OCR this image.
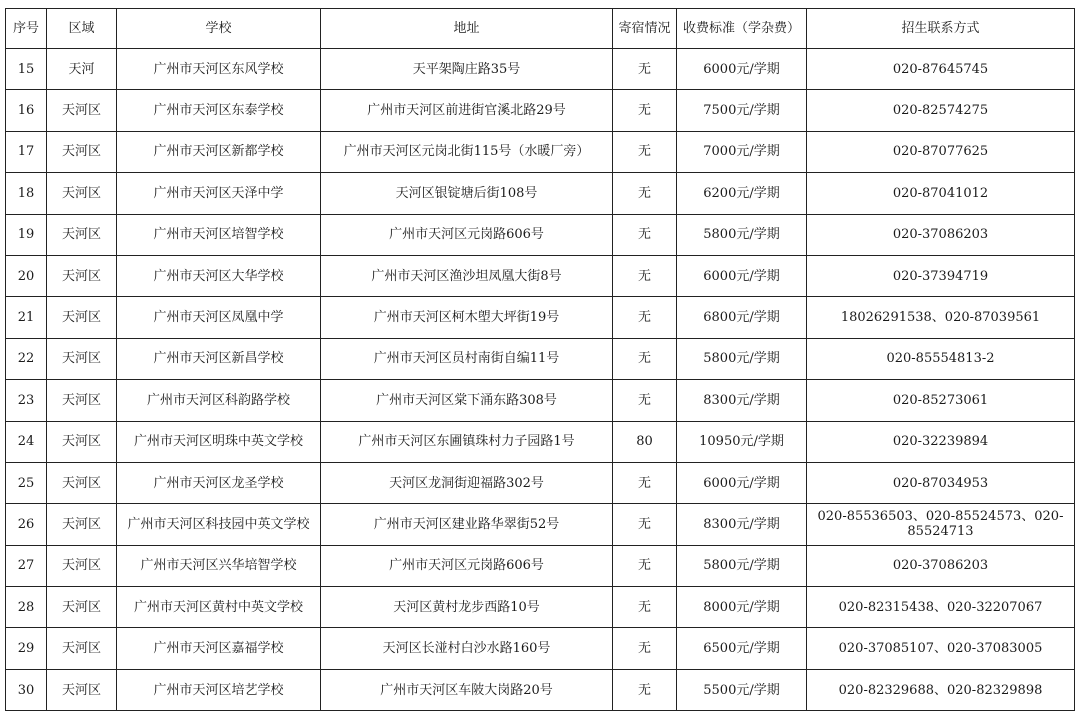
序号	区域	学校	地址	寄宿情况	收费标准（学杂费）	招生联系方式
15	天河	广州市天河区东风学校	天平架陶庄路35号	无	6000元/学期	020-87645745
16	天河区	广州市天河区东泰学校	广州市天河区前进街官溪北路29号	无	7500元/学期	020-82574275
17	天河区	广州市天河区新都学校	广州市天河区元岗北街115号（水暖厂旁）	无	7000元/学期	020-87077625
18	天河区	广州市天河区天泽中学	天河区银锭塘后街108号	无	6200元/学期	020-87041012
19	天河区	广州市天河区培智学校	广州市天河区元岗路606号	无	5800元/学期	020-37086203
20	天河区	广州市天河区大华学校	广州市天河区渔沙坦凤凰大街8号	无	6000元/学期	020-37394719
21	天河区	广州市天河区凤凰中学	广州市天河区柯木塱大坪街19号	无	6800元/学期	18026291538、020-87039561
22	天河区	广州市天河区新昌学校	广州市天河区员村南街自编11号	无	5800元/学期	020-85554813-2
23	天河区	广州市天河区科韵路学校	广州市天河区棠下涌东路308号	无	8300元/学期	020-85273061
24	天河区	广州市天河区明珠中英文学校	广州市天河区东圃镇珠村力子园路1号	80	10950元/学期	020-32239894
25	天河区	广州市天河区龙圣学校	天河区龙洞街迎福路302号	无	6000元/学期	020-87034953
26	天河区	广州市天河区科技园中英文学校	广州市天河区建业路华翠街52号	无	8300元/学期	020-85536503、020-85524573、020-85524713
27	天河区	广州市天河区兴华培智学校	广州市天河区元岗路606号	无	5800元/学期	020-37086203
28	天河区	广州市天河区黄村中英文学校	天河区黄村龙步西路10号	无	8000元/学期	020-82315438、020-32207067
29	天河区	广州市天河区嘉福学校	天河区长湴村白沙水路160号	无	6500元/学期	020-37085107、020-37083005
30	天河区	广州市天河区培艺学校	广州市天河区车陂大岗路20号	无	5500元/学期	020-82329688、020-82329898
